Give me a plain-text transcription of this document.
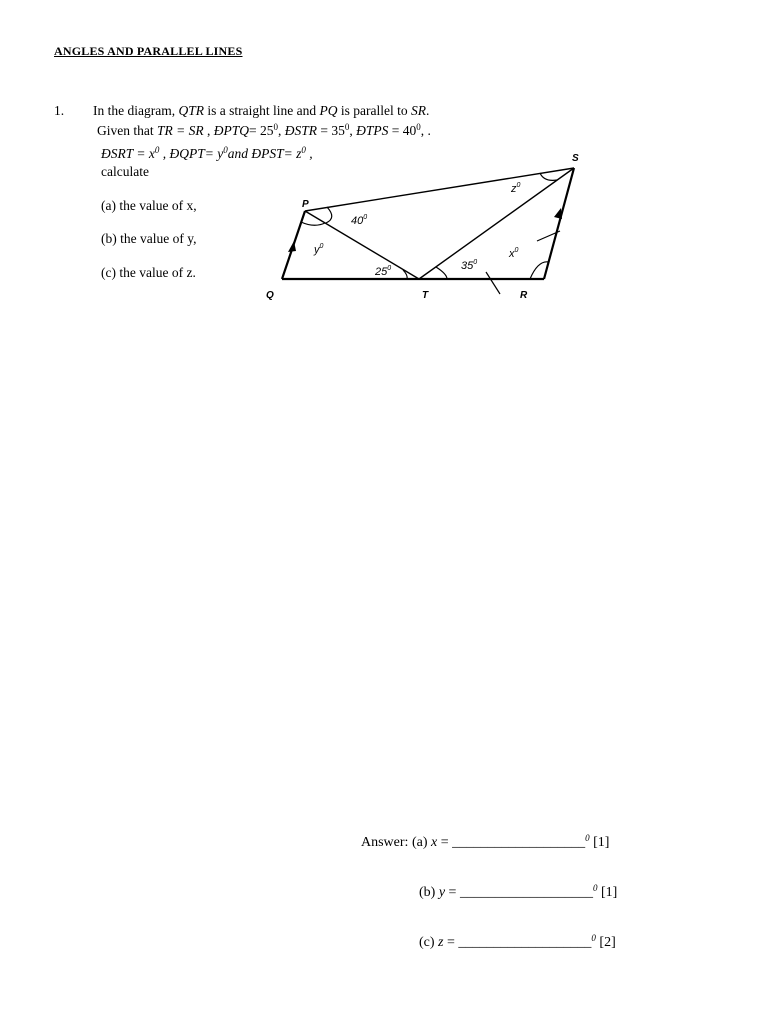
ANGLES AND PARALLEL LINES
1. In the diagram, QTR is a straight line and PQ is parallel to SR.
Given that TR = SR , ÐPTQ= $25^0$, ÐSTR = $35^0$, ÐTPS = $40^0$, .
ÐSRT = $x^0$ , ÐQPT= $y^0and$ ÐPST= $z^0$ ,
calculate
(a) the value of x,
(b) the value of y,
(c) the value of z.
P
Q	T	R
S
$40^0$
$y^0$
$25^0$	$35^0$
$x^0$
$z^0$
Answer: (a) x = ___________________$^0$ [1]
(b) y = ___________________$^0$ [1]
(c) z = ___________________$^0$ [2]
